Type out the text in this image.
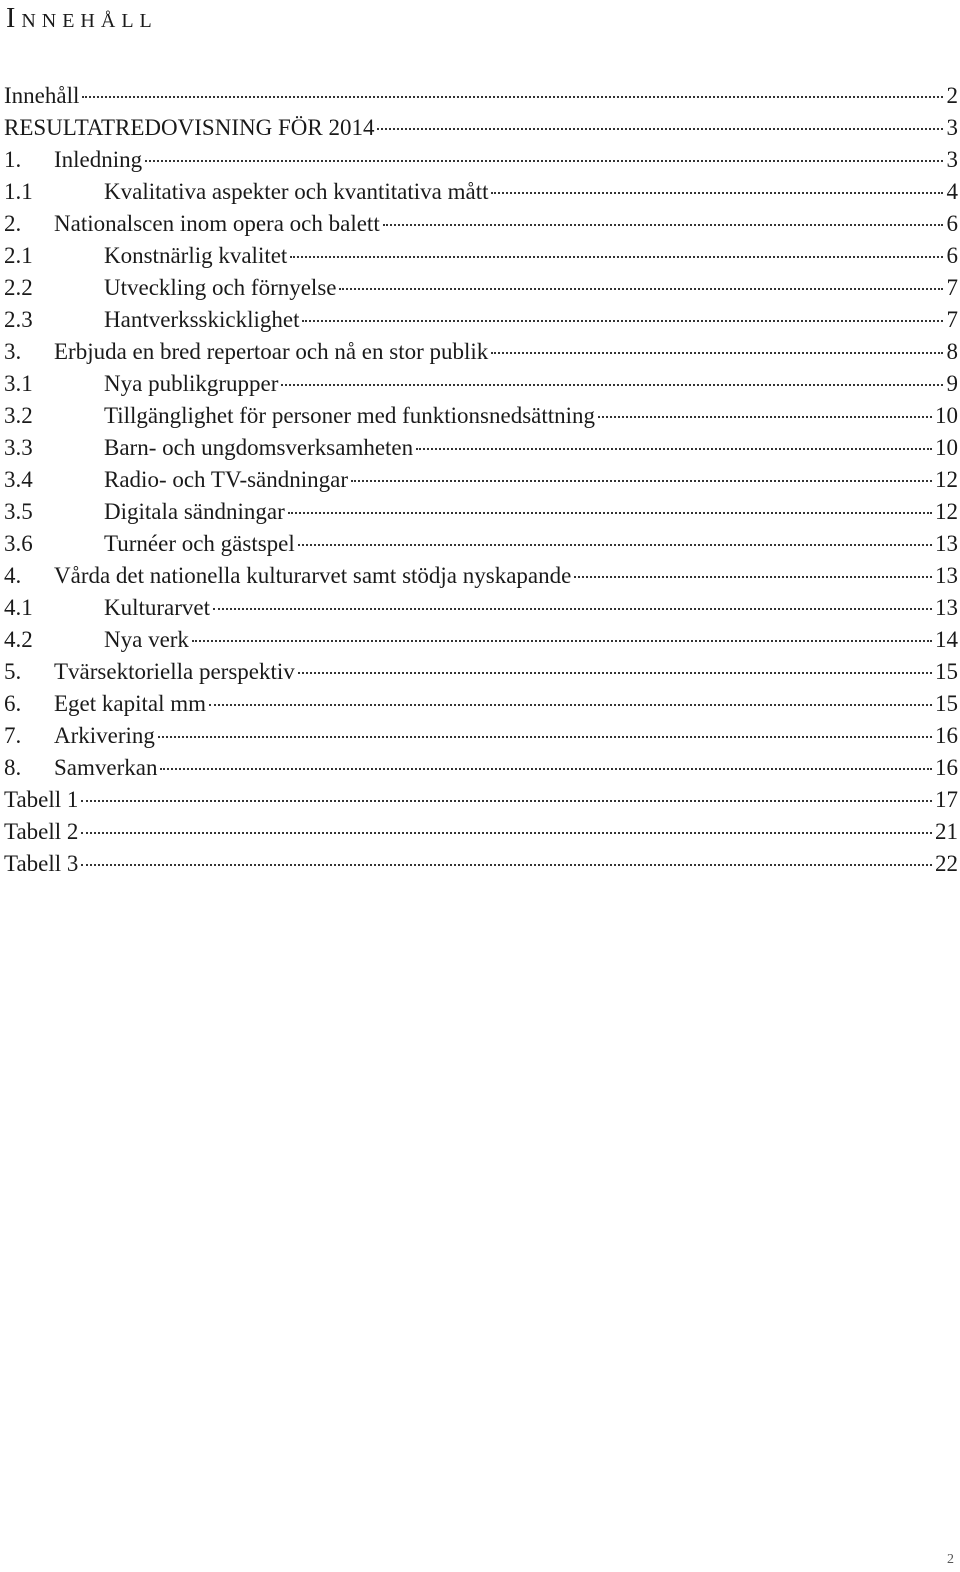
Innehåll
Innehåll	2
RESULTATREDOVISNING FÖR 2014	3
1.	Inledning	3
1.1	Kvalitativa aspekter och kvantitativa mått	4
2.	Nationalscen inom opera och balett	6
2.1	Konstnärlig kvalitet	6
2.2	Utveckling och förnyelse	7
2.3	Hantverksskicklighet	7
3.	Erbjuda en bred repertoar och nå en stor publik	8
3.1	Nya publikgrupper	9
3.2	Tillgänglighet för personer med funktionsnedsättning	10
3.3	Barn- och ungdomsverksamheten	10
3.4	Radio- och TV-sändningar	12
3.5	Digitala sändningar	12
3.6	Turnéer och gästspel	13
4.	Vårda det nationella kulturarvet samt stödja nyskapande	13
4.1	Kulturarvet	13
4.2	Nya verk	14
5.	Tvärsektoriella perspektiv	15
6.	Eget kapital mm	15
7.	Arkivering	16
8.	Samverkan	16
Tabell 1	17
Tabell 2	21
Tabell 3	22
2
